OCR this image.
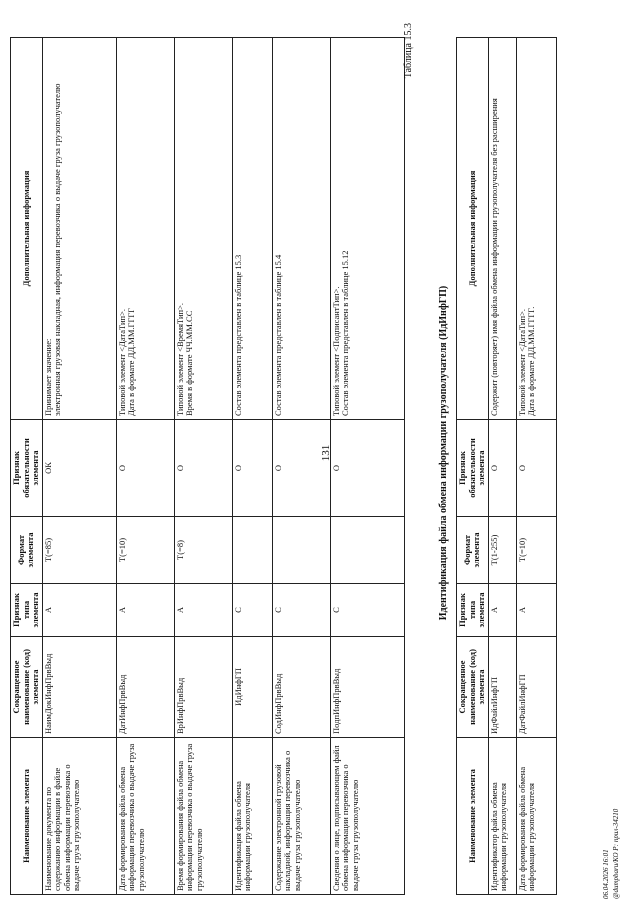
131
Наименование элемента	Сокращенное наименование (код) элемента	Признак типа элемента	Формат элемента	Признак обязательности элемента	Дополнительная информация
Наименование документа по содержанию информации в файле обмена информации перевозчика о выдаче груза грузополучателю	НаимДокИнфПрвВыд	А	Т(=85)	ОК	Принимает значение:
электронная грузовая накладная, информация перевозчика о выдаче груза грузополучателю
Дата формирования файла обмена информации перевозчика о выдаче груза грузополучателю	ДатИнфПрвВыд	А	Т(=10)	О	Типовой элемент <ДатаТип>.
Дата в формате ДД.ММ.ГГГГ
Время формирования файла обмена информации перевозчика о выдаче груза грузополучателю	ВрИнфПрвВыд	А	Т(=8)	О	Типовой элемент <ВремяТип>.
Время в формате ЧЧ.ММ.СС
Идентификация файла обмена информации грузополучателя	ИдИнфГП	С		О	Состав элемента представлен в таблице 15.3
Содержание электронной грузовой накладной, информация перевозчика о выдаче груза грузополучателю	СодИнфПрвВыд	С		О	Состав элемента представлен в таблице 15.4
Сведения о лице, подписывающем файл обмена информации перевозчика о выдаче груза грузополучателю	ПодпИнфПрвВыд	С		О	Типовой элемент <ПодписантТип>.
Состав элемента представлен в таблице 15.12
Таблица 15.3
Идентификация файла обмена информации грузополучателя (ИдИнфГП)
Наименование элемента	Сокращенное наименование (код) элемента	Признак типа элемента	Формат элемента	Признак обязательности элемента	Дополнительная информация
Идентификатор файла обмена информации грузополучателя	ИдФайлИнфГП	А	Т(1-255)	О	Содержит (повторяет) имя файла обмена информации грузополучателя без расширения
Дата формирования файла обмена информации грузополучателя	ДатФайлИнфГП	А	Т(=10)	О	Типовой элемент <ДатаТип>.
Дата в формате ДД.ММ.ГГГГ.
06.04.2026 16:01 @dumpbaru/КО Р: прил-34210
